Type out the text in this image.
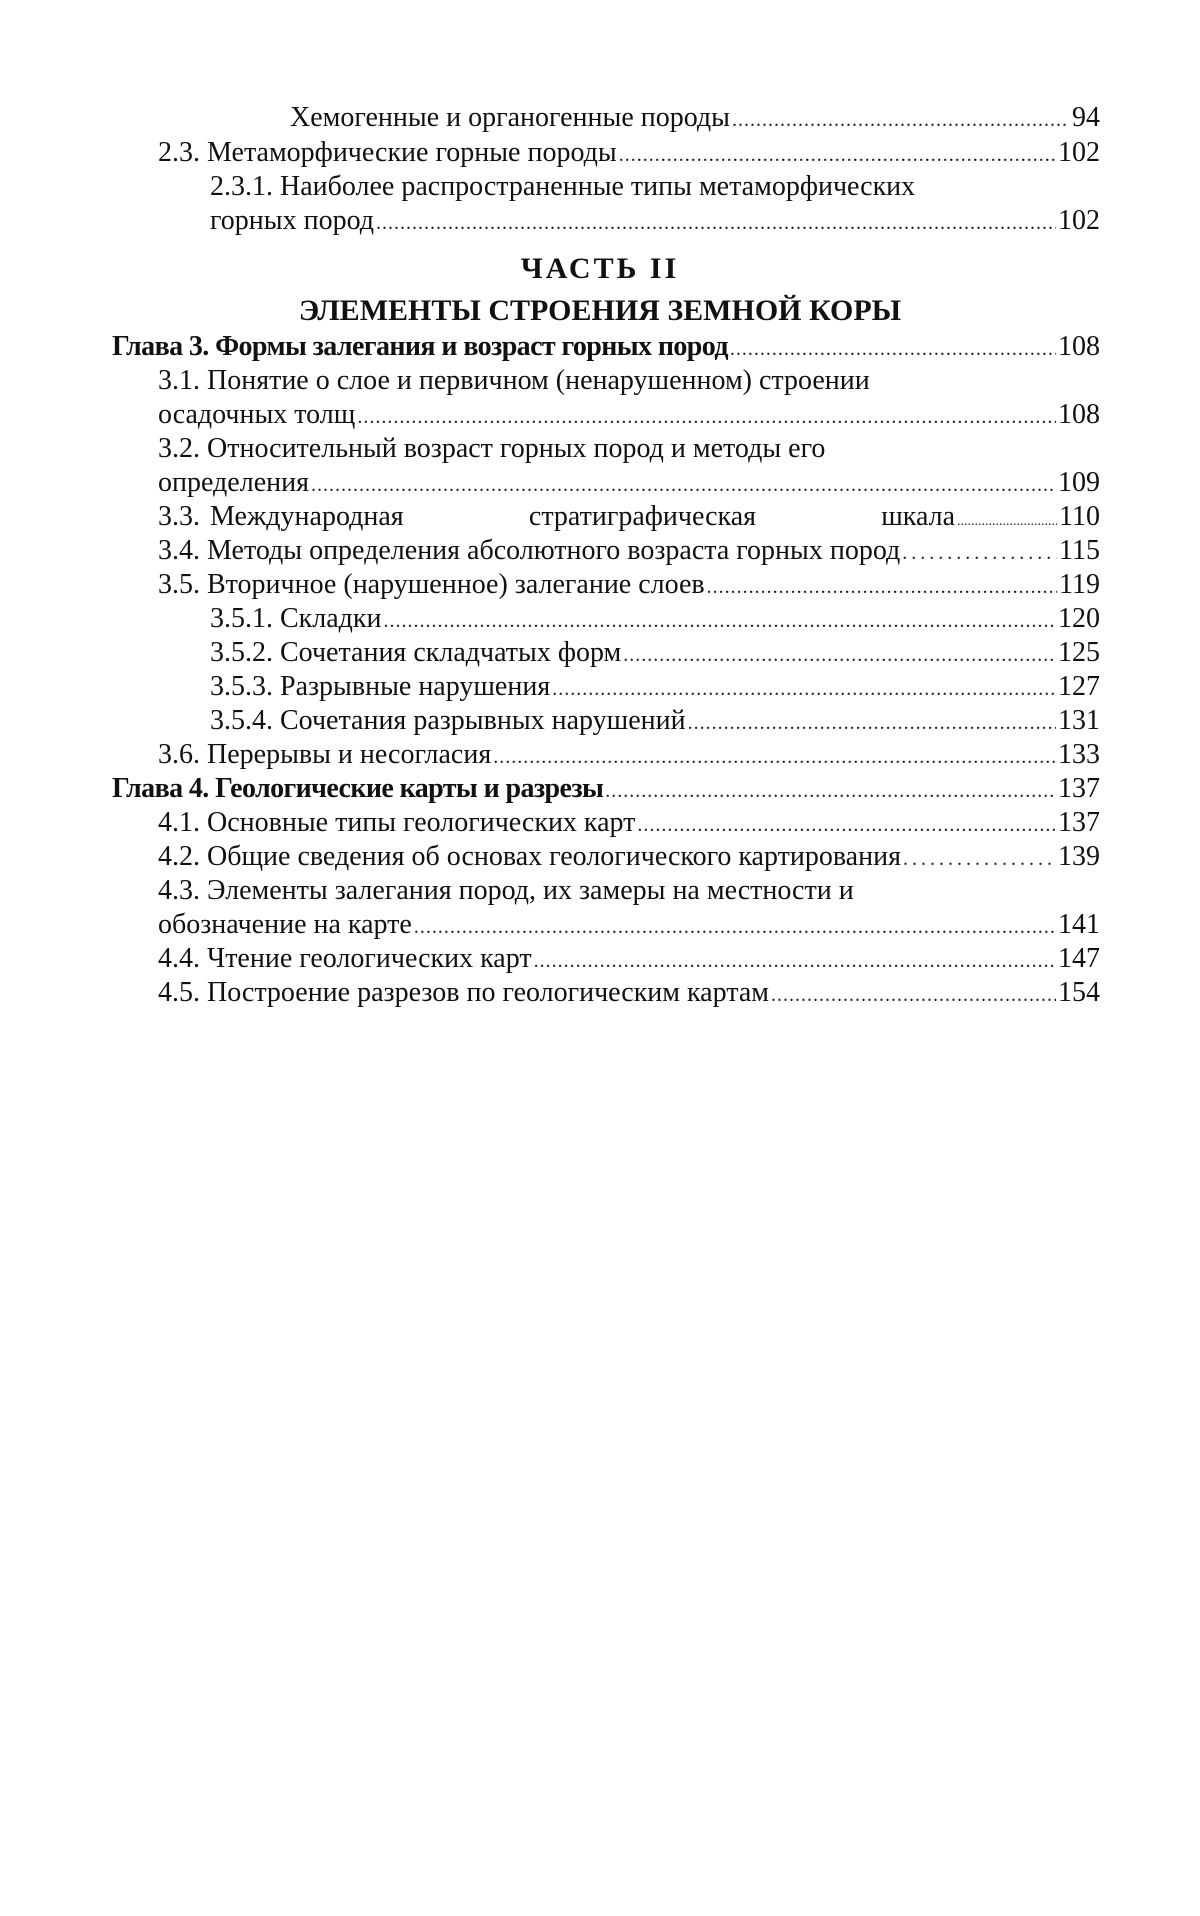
Хемогенные и органогенные породы .....	94
2.3. Метаморфические горные породы .....	102
2.3.1. Наиболее распространенные типы метаморфических
горных пород .....	102
ЧАСТЬ II
ЭЛЕМЕНТЫ СТРОЕНИЯ ЗЕМНОЙ КОРЫ
Глава 3. Формы залегания и возраст горных пород .....	108
3.1. Понятие о слое и первичном (ненарушенном) строении
осадочных толщ .....	108
3.2. Относительный возраст горных пород и методы его
определения .....	109
3.3. Международная	стратиграфическая	шкала .....	110
3.4. Методы определения абсолютного возраста горных пород .....	115
3.5. Вторичное (нарушенное) залегание слоев .....	119
3.5.1. Складки .....	120
3.5.2. Сочетания складчатых форм .....	125
3.5.3. Разрывные нарушения .....	127
3.5.4. Сочетания разрывных нарушений .....	131
3.6. Перерывы и несогласия .....	133
Глава 4. Геологические карты и разрезы .....	137
4.1. Основные типы геологических карт .....	137
4.2. Общие сведения об основах геологического картирования .....	139
4.3. Элементы залегания пород, их замеры на местности и
обозначение на карте .....	141
4.4. Чтение геологических карт .....	147
4.5. Построение разрезов по геологическим картам .....	154
